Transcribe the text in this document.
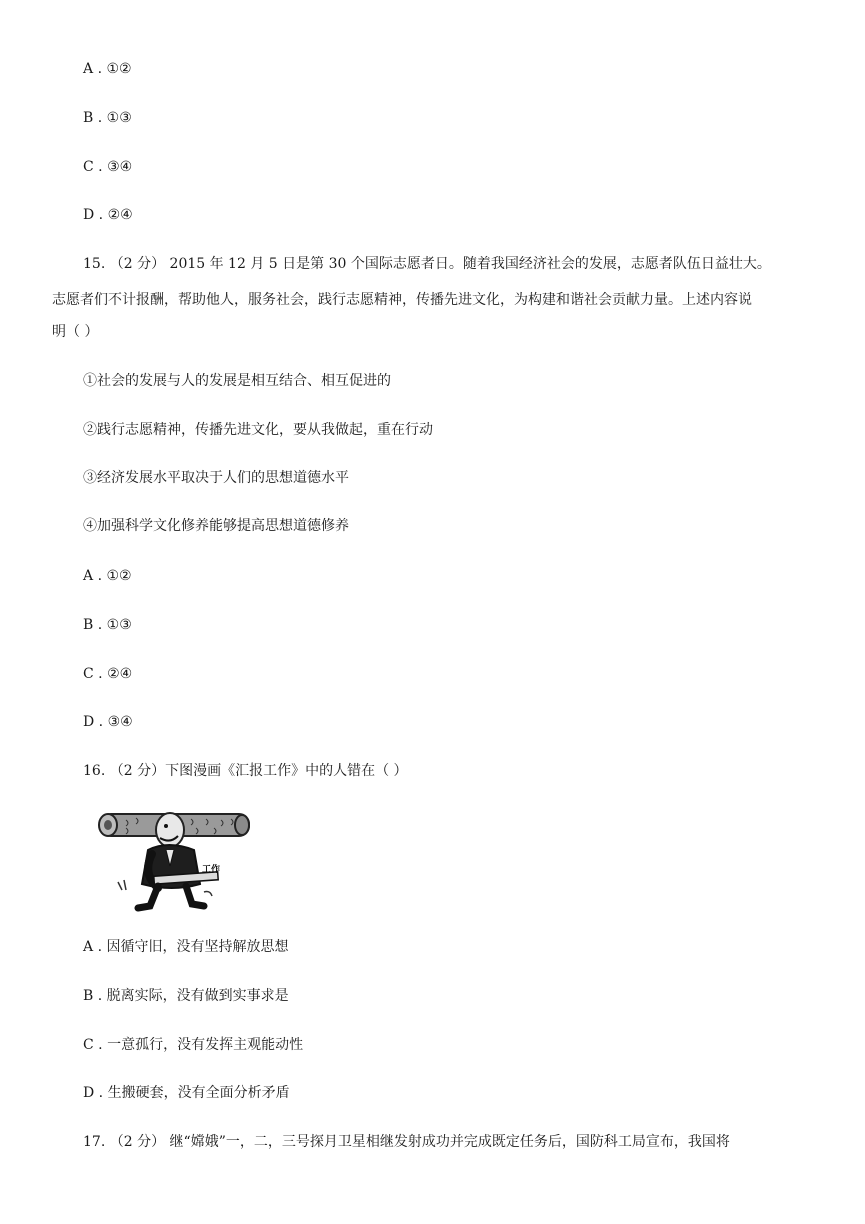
A . ①②
B . ①③
C . ③④
D . ②④
15. （2 分） 2015 年 12 月 5 日是第 30 个国际志愿者日。随着我国经济社会的发展，志愿者队伍日益壮大。
志愿者们不计报酬，帮助他人，服务社会，践行志愿精神，传播先进文化，为构建和谐社会贡献力量。上述内容说
明（ ）
①社会的发展与人的发展是相互结合、相互促进的
②践行志愿精神，传播先进文化，要从我做起，重在行动
③经济发展水平取决于人们的思想道德水平
④加强科学文化修养能够提高思想道德修养
A . ①②
B . ①③
C . ②④
D . ③④
16. （2 分）下图漫画《汇报工作》中的人错在（ ）
工作
A . 因循守旧，没有坚持解放思想
B . 脱离实际，没有做到实事求是
C . 一意孤行，没有发挥主观能动性
D . 生搬硬套，没有全面分析矛盾
17. （2 分） 继“嫦娥”一，二，三号探月卫星相继发射成功并完成既定任务后，国防科工局宣布，我国将
